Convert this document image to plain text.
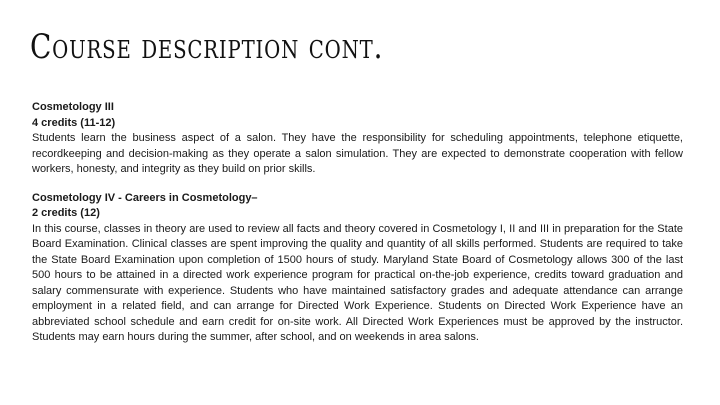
Course description cont.
Cosmetology III
4 credits (11-12)
Students learn the business aspect of a salon. They have the responsibility for scheduling appointments, telephone etiquette, recordkeeping and decision-making as they operate a salon simulation. They are expected to demonstrate cooperation with fellow workers, honesty, and integrity as they build on prior skills.
Cosmetology IV - Careers in Cosmetology–
2 credits (12)
In this course, classes in theory are used to review all facts and theory covered in Cosmetology I, II and III in preparation for the State Board Examination. Clinical classes are spent improving the quality and quantity of all skills performed. Students are required to take the State Board Examination upon completion of 1500 hours of study. Maryland State Board of Cosmetology allows 300 of the last 500 hours to be attained in a directed work experience program for practical on-the-job experience, credits toward graduation and salary commensurate with experience. Students who have maintained satisfactory grades and adequate attendance can arrange employment in a related field, and can arrange for Directed Work Experience. Students on Directed Work Experience have an abbreviated school schedule and earn credit for on-site work. All Directed Work Experiences must be approved by the instructor. Students may earn hours during the summer, after school, and on weekends in area salons.
